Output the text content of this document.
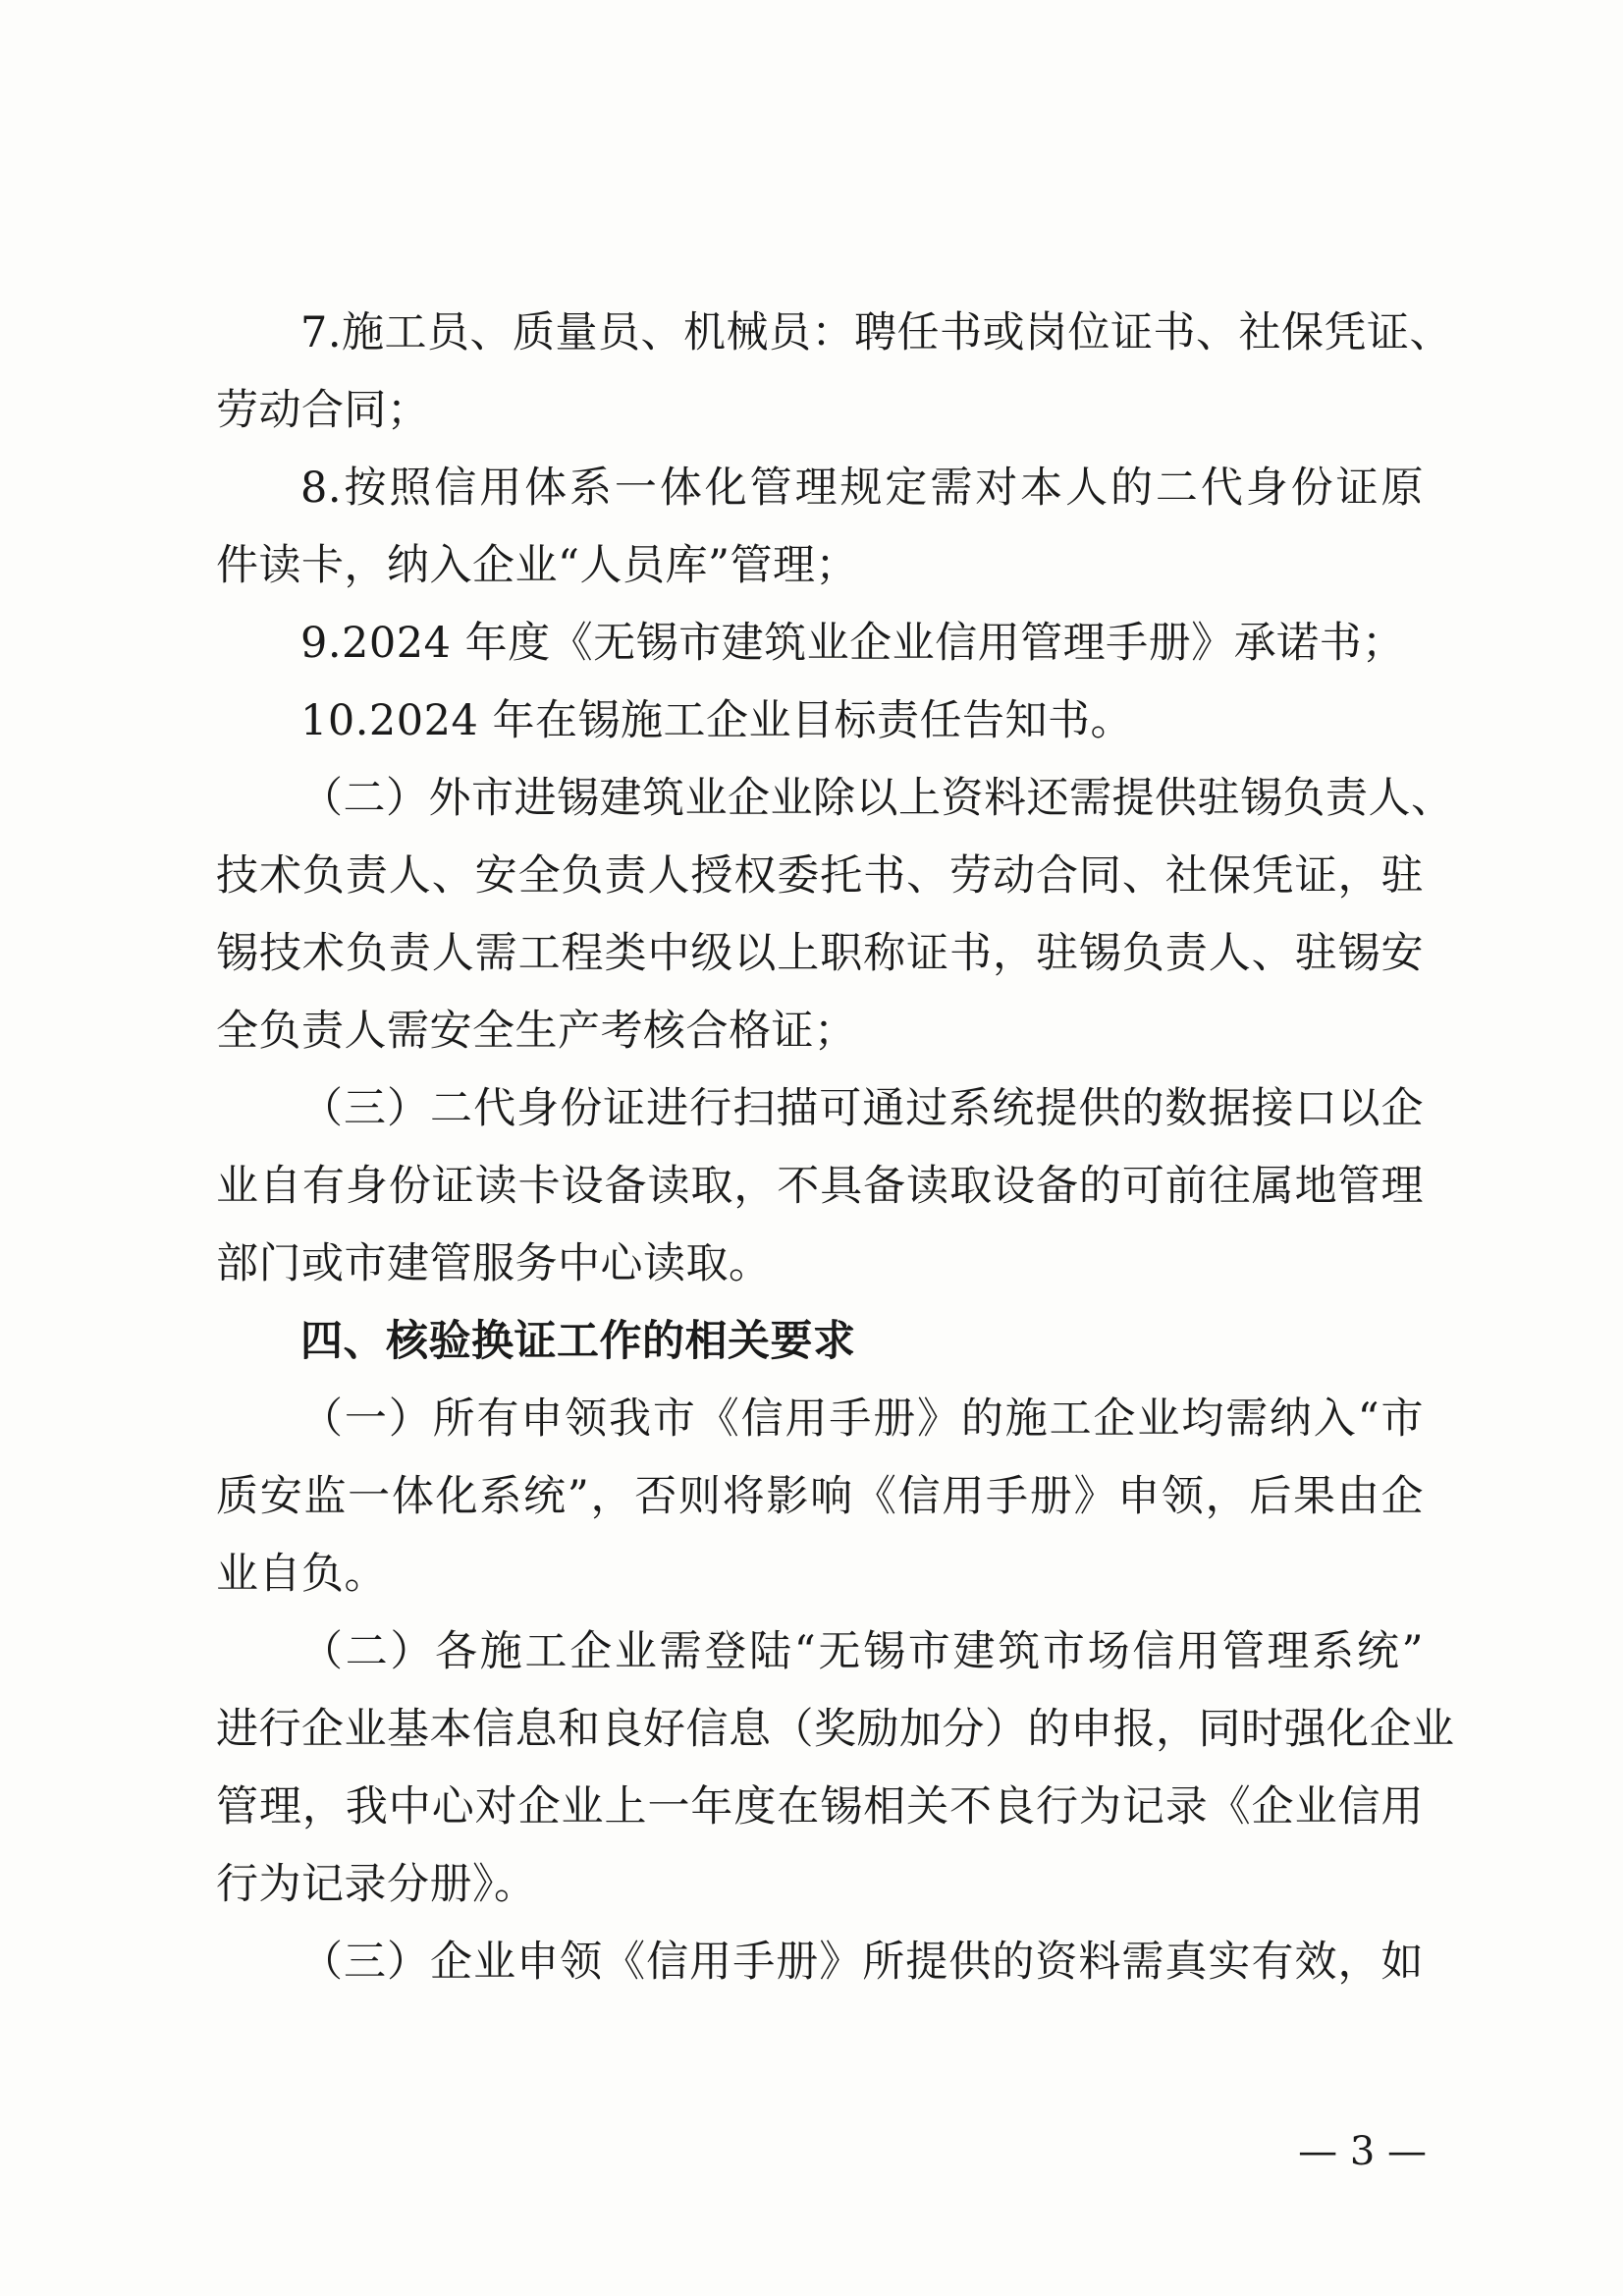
7.施工员、质量员、机械员：聘任书或岗位证书、社保凭证、
劳动合同；
8.按照信用体系一体化管理规定需对本人的二代身份证原
件读卡，纳入企业“人员库”管理；
9.2024 年度《无锡市建筑业企业信用管理手册》承诺书；
10.2024 年在锡施工企业目标责任告知书。
（二）外市进锡建筑业企业除以上资料还需提供驻锡负责人、
技术负责人、安全负责人授权委托书、劳动合同、社保凭证，驻
锡技术负责人需工程类中级以上职称证书，驻锡负责人、驻锡安
全负责人需安全生产考核合格证；
（三）二代身份证进行扫描可通过系统提供的数据接口以企
业自有身份证读卡设备读取，不具备读取设备的可前往属地管理
部门或市建管服务中心读取。
四、核验换证工作的相关要求
（一）所有申领我市《信用手册》的施工企业均需纳入“市
质安监一体化系统”，否则将影响《信用手册》申领，后果由企
业自负。
（二）各施工企业需登陆“无锡市建筑市场信用管理系统”
进行企业基本信息和良好信息（奖励加分）的申报，同时强化企业
管理，我中心对企业上一年度在锡相关不良行为记录《企业信用
行为记录分册》。
（三）企业申领《信用手册》所提供的资料需真实有效，如
— 3 —
